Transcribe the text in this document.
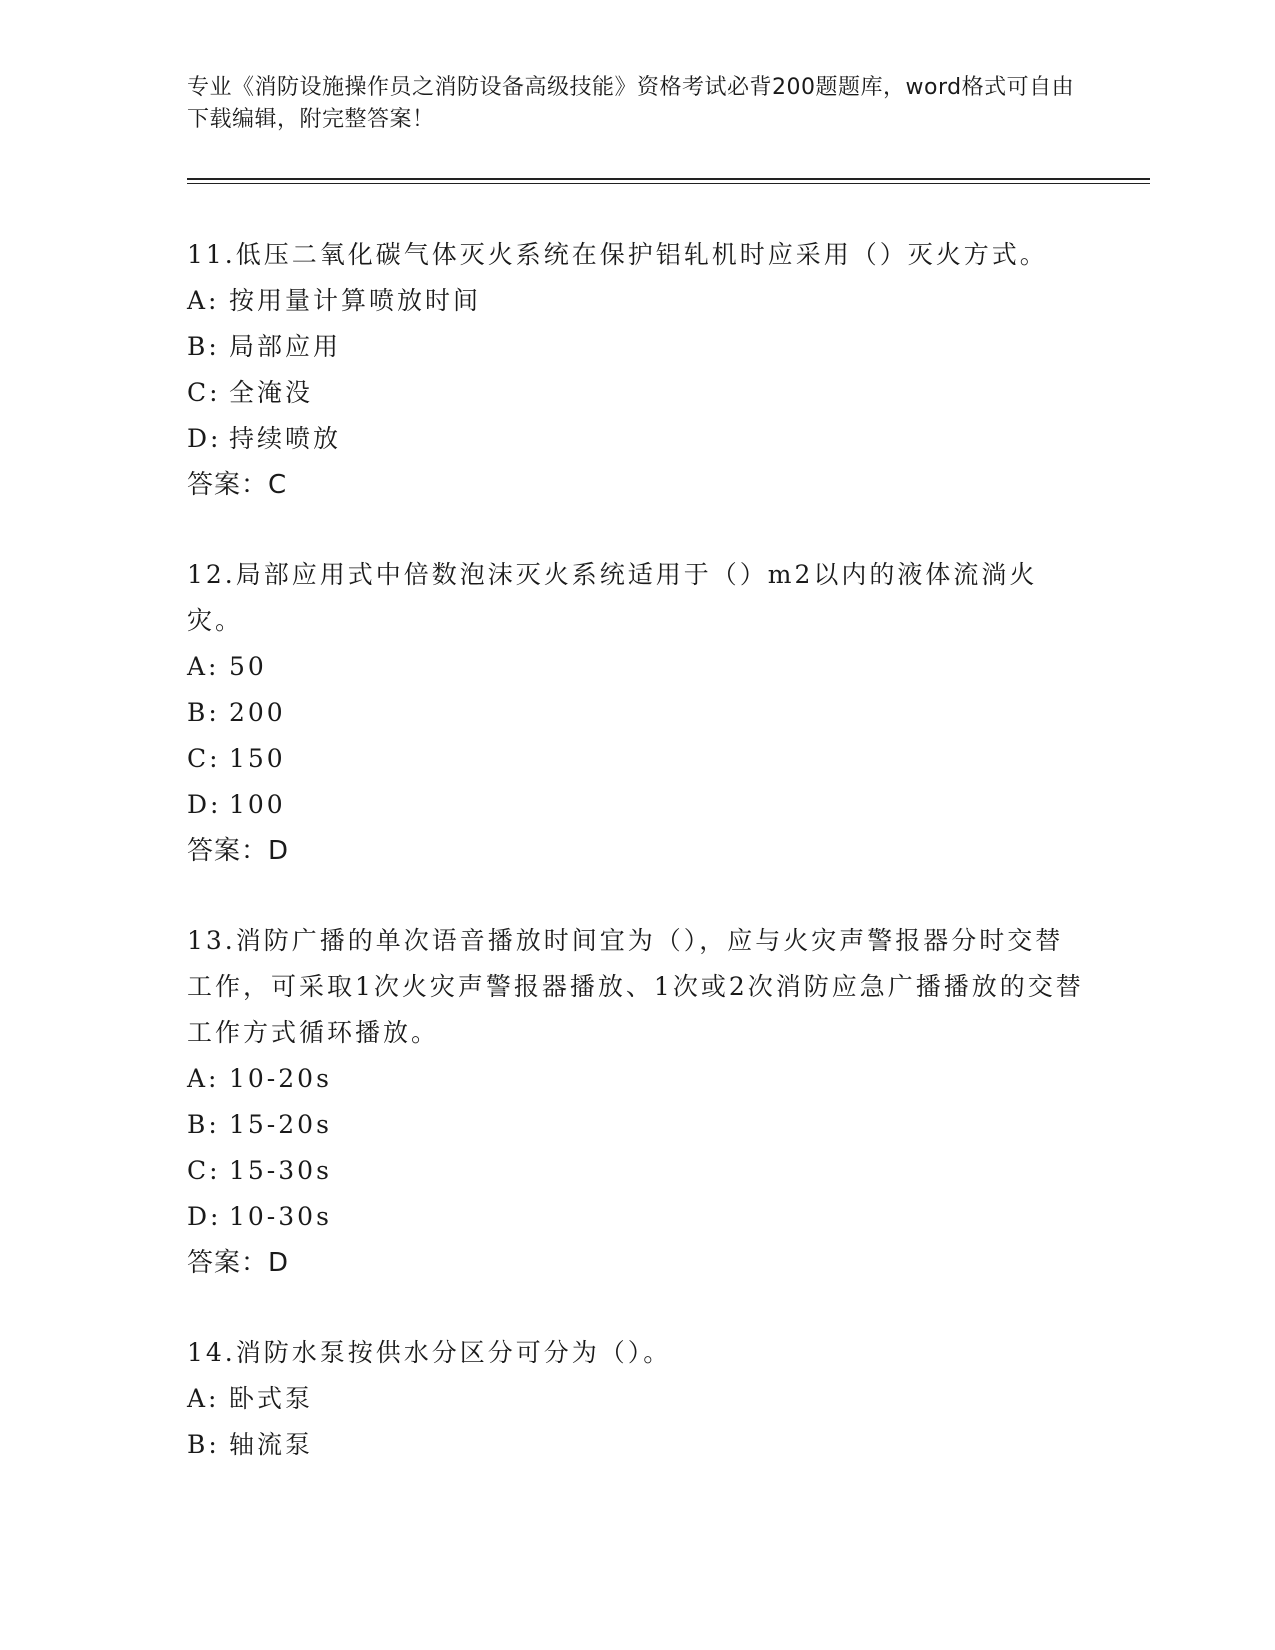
专业《消防设施操作员之消防设备高级技能》资格考试必背200题题库，word格式可自由下载编辑，附完整答案！

11.低压二氧化碳气体灭火系统在保护铝轧机时应采用（）灭火方式。

A: 按用量计算喷放时间
B: 局部应用
C: 全淹没
D: 持续喷放
答案：C

12.局部应用式中倍数泡沫灭火系统适用于（）m2以内的液体流淌火灾。

A: 50
B: 200
C: 150
D: 100
答案：D

13.消防广播的单次语音播放时间宜为（），应与火灾声警报器分时交替工作，可采取1次火灾声警报器播放、1次或2次消防应急广播播放的交替工作方式循环播放。

A: 10-20s
B: 15-20s
C: 15-30s
D: 10-30s
答案：D

14.消防水泵按供水分区分可分为（）。

A: 卧式泵
B: 轴流泵
